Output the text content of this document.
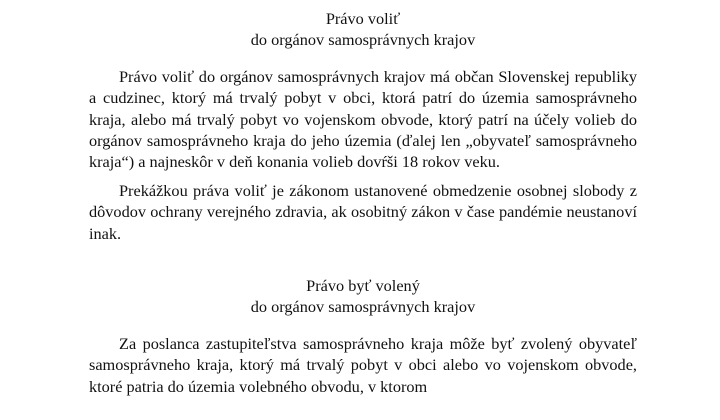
Právo voliť
do orgánov samosprávnych krajov

Právo voliť do orgánov samosprávnych krajov má občan Slovenskej republiky a cudzinec, ktorý má trvalý pobyt v obci, ktorá patrí do územia samosprávneho kraja, alebo má trvalý pobyt vo vojenskom obvode, ktorý patrí na účely volieb do orgánov samosprávneho kraja do jeho územia (ďalej len „obyvateľ samosprávneho kraja“) a najneskôr v deň konania volieb dovŕši 18 rokov veku.

Prekážkou práva voliť je zákonom ustanovené obmedzenie osobnej slobody z dôvodov ochrany verejného zdravia, ak osobitný zákon v čase pandémie neustanoví inak.

Právo byť volený
do orgánov samosprávnych krajov

Za poslanca zastupiteľstva samosprávneho kraja môže byť zvolený obyvateľ samosprávneho kraja, ktorý má trvalý pobyt v obci alebo vo vojenskom obvode, ktoré patria do územia volebného obvodu, v ktorom
